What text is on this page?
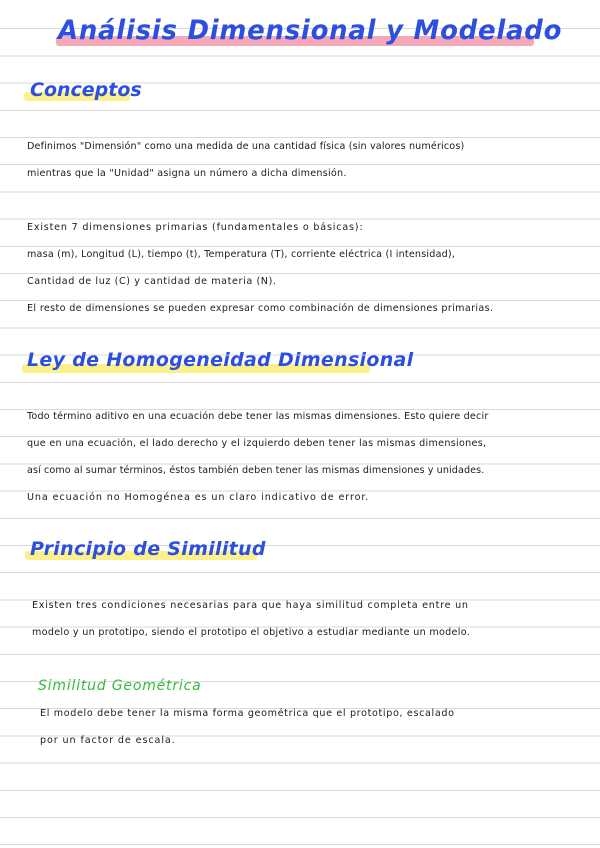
Análisis Dimensional y Modelado
Conceptos
Definimos "Dimensión" como una medida de una cantidad física (sin valores numéricos)
mientras que la "Unidad" asigna un número a dicha dimensión.
Existen 7 dimensiones primarias (fundamentales o básicas):
masa (m), Longitud (L), tiempo (t), Temperatura (T), corriente eléctrica (I intensidad),
Cantidad de luz (C) y cantidad de materia (N).
El resto de dimensiones se pueden expresar como combinación de dimensiones primarias.
Ley de Homogeneidad Dimensional
Todo término aditivo en una ecuación debe tener las mismas dimensiones. Esto quiere decir
que en una ecuación, el lado derecho y el izquierdo deben tener las mismas dimensiones,
así como al sumar términos, éstos también deben tener las mismas dimensiones y unidades.
Una ecuación no Homogénea es un claro indicativo de error.
Principio de Similitud
Existen tres condiciones necesarias para que haya similitud completa entre un
modelo y un prototipo, siendo el prototipo el objetivo a estudiar mediante un modelo.
Similitud Geométrica
El modelo debe tener la misma forma geométrica que el prototipo, escalado
por un factor de escala.
